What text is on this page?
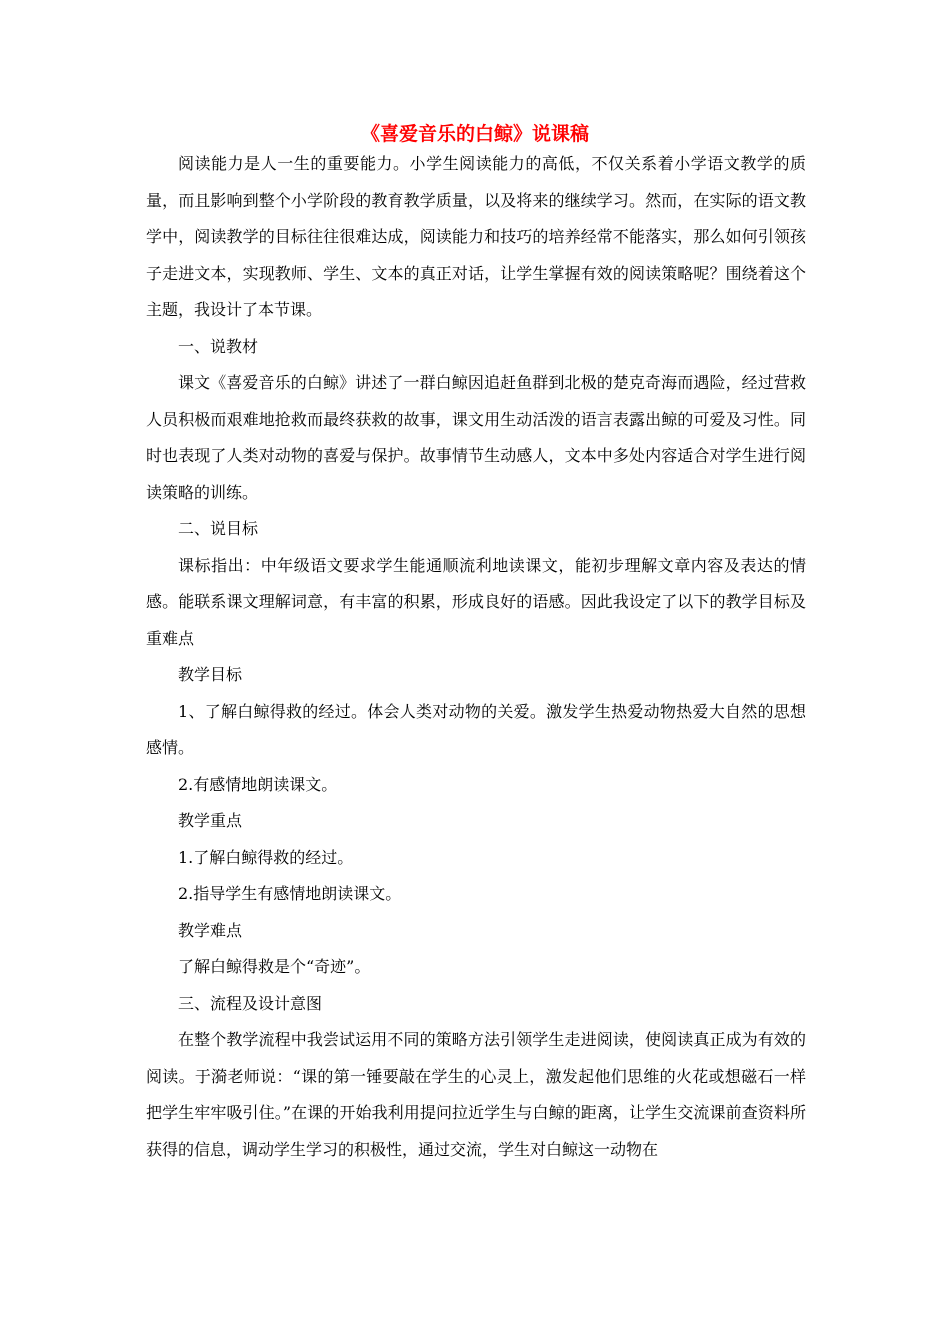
《喜爱音乐的白鲸》说课稿

阅读能力是人一生的重要能力。小学生阅读能力的高低，不仅关系着小学语文教学的质量，而且影响到整个小学阶段的教育教学质量，以及将来的继续学习。然而，在实际的语文教学中，阅读教学的目标往往很难达成，阅读能力和技巧的培养经常不能落实，那么如何引领孩子走进文本，实现教师、学生、文本的真正对话，让学生掌握有效的阅读策略呢？围绕着这个主题，我设计了本节课。

一、说教材

课文《喜爱音乐的白鲸》讲述了一群白鲸因追赶鱼群到北极的楚克奇海而遇险，经过营救人员积极而艰难地抢救而最终获救的故事，课文用生动活泼的语言表露出鲸的可爱及习性。同时也表现了人类对动物的喜爱与保护。故事情节生动感人，文本中多处内容适合对学生进行阅读策略的训练。

二、说目标

课标指出：中年级语文要求学生能通顺流利地读课文，能初步理解文章内容及表达的情感。能联系课文理解词意，有丰富的积累，形成良好的语感。因此我设定了以下的教学目标及重难点

教学目标

1、了解白鲸得救的经过。体会人类对动物的关爱。激发学生热爱动物热爱大自然的思想感情。

2.有感情地朗读课文。

教学重点

1.了解白鲸得救的经过。

2.指导学生有感情地朗读课文。

教学难点

了解白鲸得救是个“奇迹”。

三、流程及设计意图

在整个教学流程中我尝试运用不同的策略方法引领学生走进阅读，使阅读真正成为有效的阅读。于漪老师说：“课的第一锤要敲在学生的心灵上，激发起他们思维的火花或想磁石一样把学生牢牢吸引住。”在课的开始我利用提问拉近学生与白鲸的距离，让学生交流课前查资料所获得的信息，调动学生学习的积极性，通过交流，学生对白鲸这一动物在
